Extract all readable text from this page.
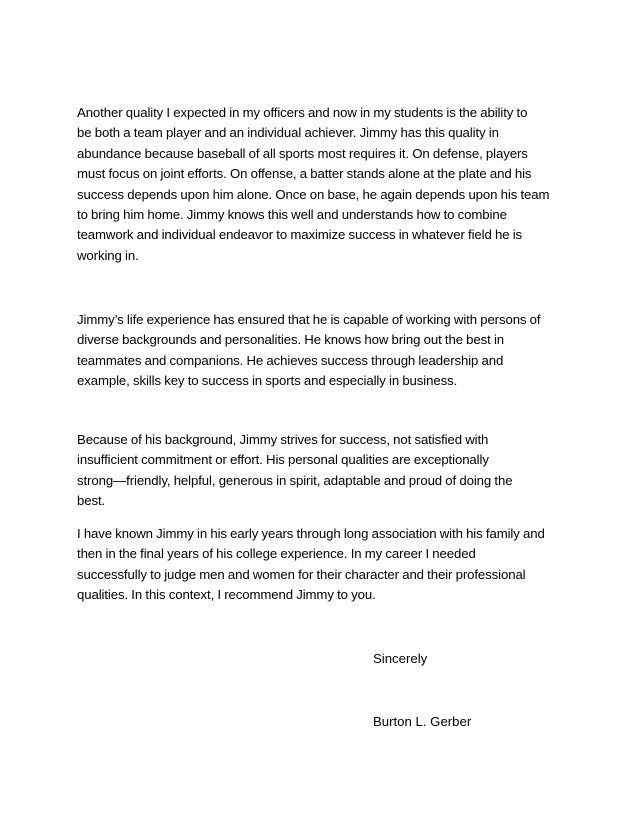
Another quality I expected in my officers and now in my students is the ability to
be both a team player and an individual achiever. Jimmy has this quality in
abundance because baseball of all sports most requires it. On defense, players
must focus on joint efforts. On offense, a batter stands alone at the plate and his
success depends upon him alone. Once on base, he again depends upon his team
to bring him home. Jimmy knows this well and understands how to combine
teamwork and individual endeavor to maximize success in whatever field he is
working in.

Jimmy’s life experience has ensured that he is capable of working with persons of
diverse backgrounds and personalities. He knows how bring out the best in
teammates and companions. He achieves success through leadership and
example, skills key to success in sports and especially in business.

Because of his background, Jimmy strives for success, not satisfied with
insufficient commitment or effort. His personal qualities are exceptionally
strong—friendly, helpful, generous in spirit, adaptable and proud of doing the
best.

I have known Jimmy in his early years through long association with his family and
then in the final years of his college experience. In my career I needed
successfully to judge men and women for their character and their professional
qualities. In this context, I recommend Jimmy to you.

Sincerely

Burton L. Gerber
